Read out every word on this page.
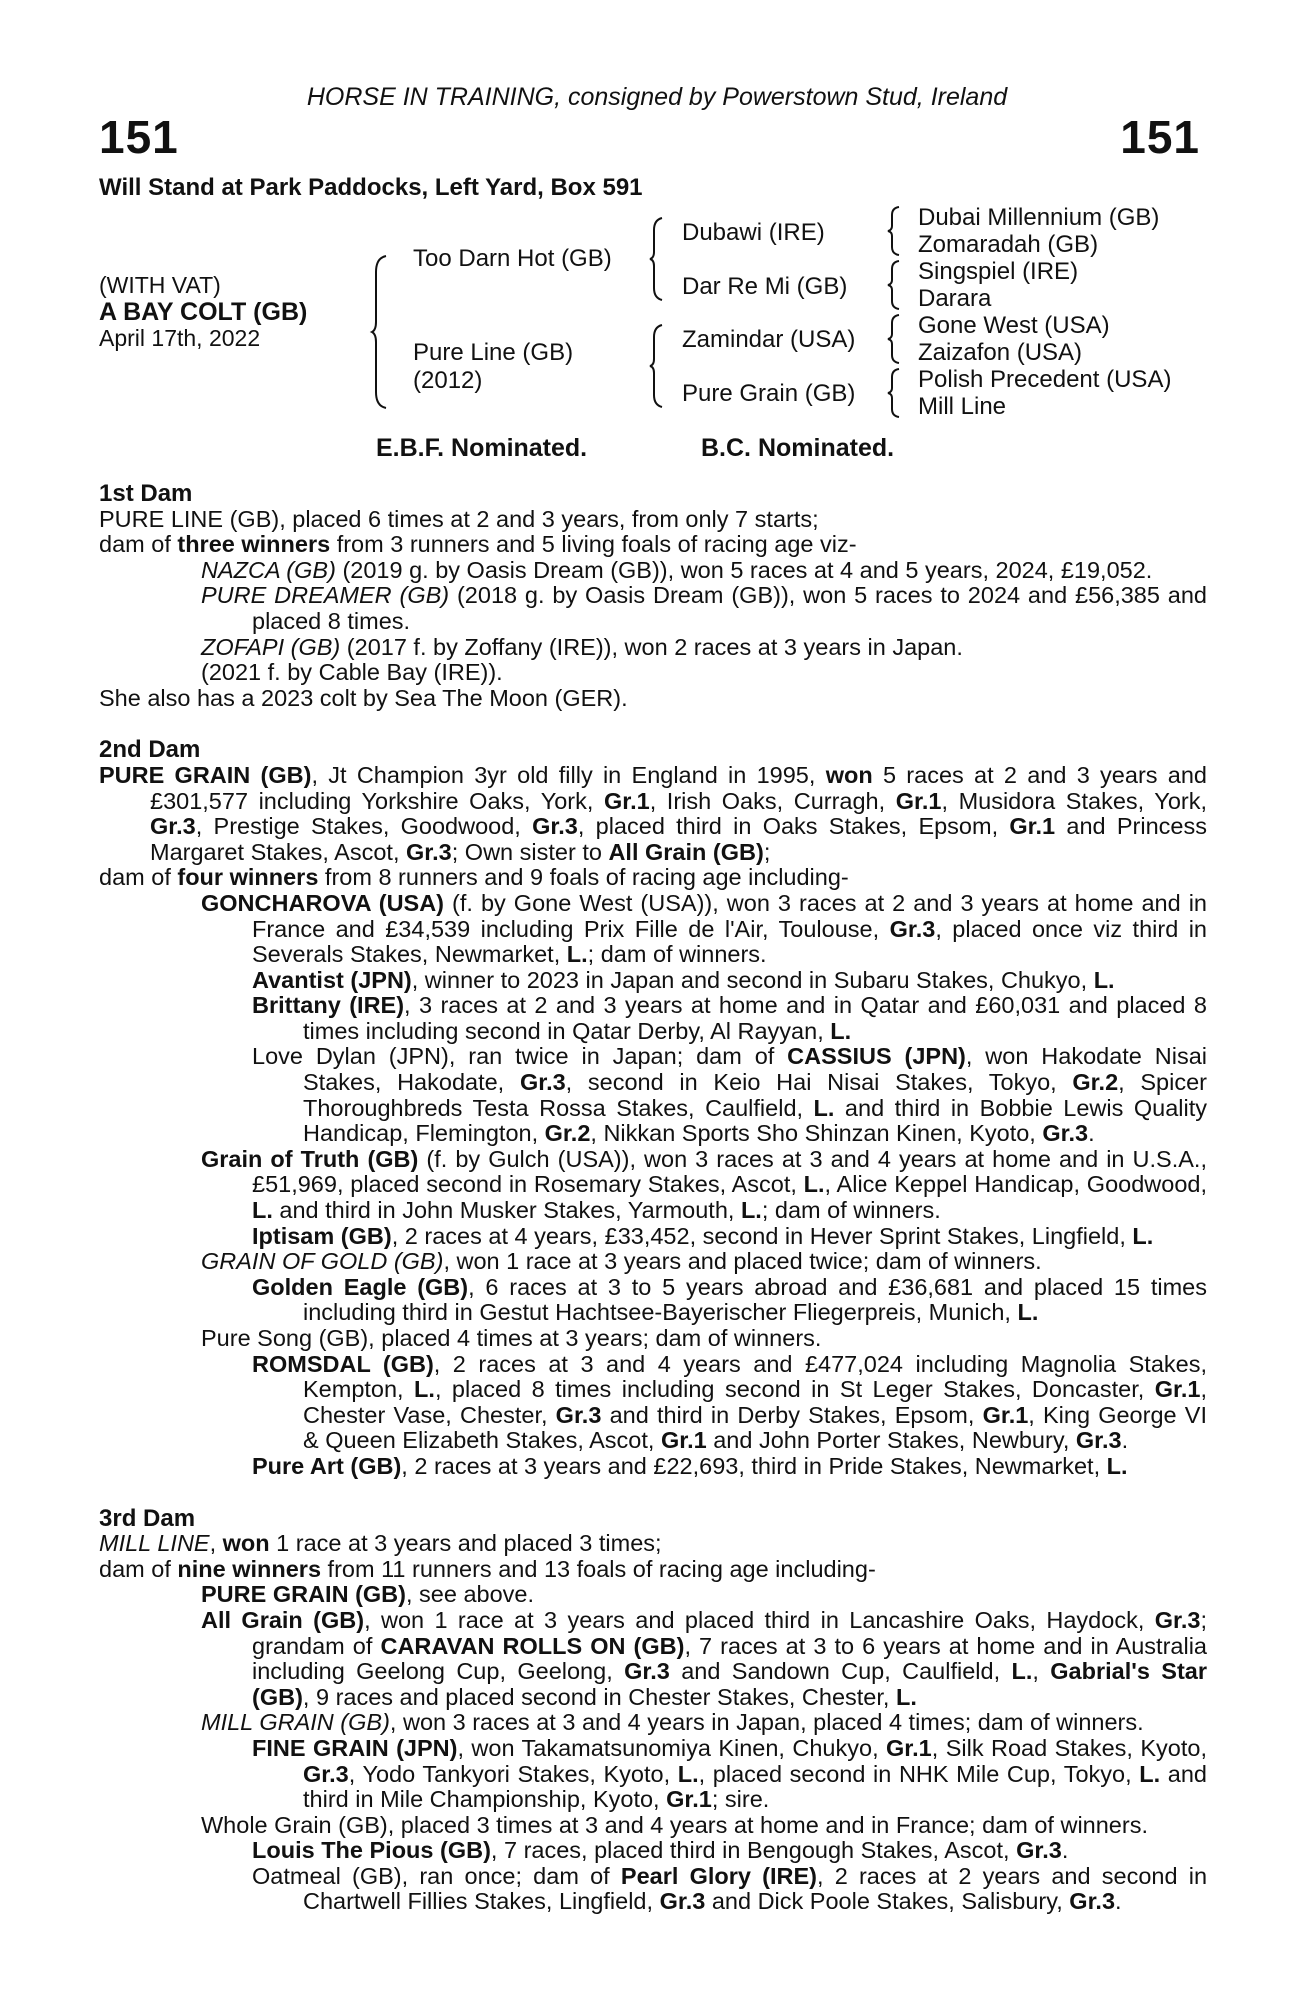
HORSE IN TRAINING, consigned by Powerstown Stud, Ireland
151	151
Will Stand at Park Paddocks, Left Yard, Box 591
(WITH VAT)
A BAY COLT (GB)
April 17th, 2022
Too Darn Hot (GB)
Pure Line (GB)
(2012)
Dubawi (IRE)
Dar Re Mi (GB)
Zamindar (USA)
Pure Grain (GB)
Dubai Millennium (GB)
Zomaradah (GB)
Singspiel (IRE)
Darara
Gone West (USA)
Zaizafon (USA)
Polish Precedent (USA)
Mill Line
E.B.F. Nominated.	B.C. Nominated.

1st Dam

PURE LINE (GB), placed 6 times at 2 and 3 years, from only 7 starts;

dam of three winners from 3 runners and 5 living foals of racing age viz-

NAZCA (GB) (2019 g. by Oasis Dream (GB)), won 5 races at 4 and 5 years, 2024, £19,052.

PURE DREAMER (GB) (2018 g. by Oasis Dream (GB)), won 5 races to 2024 and £56,385 and placed 8 times.

ZOFAPI (GB) (2017 f. by Zoffany (IRE)), won 2 races at 3 years in Japan.

(2021 f. by Cable Bay (IRE)).

She also has a 2023 colt by Sea The Moon (GER).

2nd Dam

PURE GRAIN (GB), Jt Champion 3yr old filly in England in 1995, won 5 races at 2 and 3 years and £301,577 including Yorkshire Oaks, York, Gr.1, Irish Oaks, Curragh, Gr.1, Musidora Stakes, York, Gr.3, Prestige Stakes, Goodwood, Gr.3, placed third in Oaks Stakes, Epsom, Gr.1 and Princess Margaret Stakes, Ascot, Gr.3; Own sister to All Grain (GB);

dam of four winners from 8 runners and 9 foals of racing age including-

GONCHAROVA (USA) (f. by Gone West (USA)), won 3 races at 2 and 3 years at home and in France and £34,539 including Prix Fille de l'Air, Toulouse, Gr.3, placed once viz third in Severals Stakes, Newmarket, L.; dam of winners.

Avantist (JPN), winner to 2023 in Japan and second in Subaru Stakes, Chukyo, L.

Brittany (IRE), 3 races at 2 and 3 years at home and in Qatar and £60,031 and placed 8 times including second in Qatar Derby, Al Rayyan, L.

Love Dylan (JPN), ran twice in Japan; dam of CASSIUS (JPN), won Hakodate Nisai Stakes, Hakodate, Gr.3, second in Keio Hai Nisai Stakes, Tokyo, Gr.2, Spicer Thoroughbreds Testa Rossa Stakes, Caulfield, L. and third in Bobbie Lewis Quality Handicap, Flemington, Gr.2, Nikkan Sports Sho Shinzan Kinen, Kyoto, Gr.3.

Grain of Truth (GB) (f. by Gulch (USA)), won 3 races at 3 and 4 years at home and in U.S.A., £51,969, placed second in Rosemary Stakes, Ascot, L., Alice Keppel Handicap, Goodwood, L. and third in John Musker Stakes, Yarmouth, L.; dam of winners.

Iptisam (GB), 2 races at 4 years, £33,452, second in Hever Sprint Stakes, Lingfield, L.

GRAIN OF GOLD (GB), won 1 race at 3 years and placed twice; dam of winners.

Golden Eagle (GB), 6 races at 3 to 5 years abroad and £36,681 and placed 15 times including third in Gestut Hachtsee-Bayerischer Fliegerpreis, Munich, L.

Pure Song (GB), placed 4 times at 3 years; dam of winners.

ROMSDAL (GB), 2 races at 3 and 4 years and £477,024 including Magnolia Stakes, Kempton, L., placed 8 times including second in St Leger Stakes, Doncaster, Gr.1, Chester Vase, Chester, Gr.3 and third in Derby Stakes, Epsom, Gr.1, King George VI & Queen Elizabeth Stakes, Ascot, Gr.1 and John Porter Stakes, Newbury, Gr.3.

Pure Art (GB), 2 races at 3 years and £22,693, third in Pride Stakes, Newmarket, L.

3rd Dam

MILL LINE, won 1 race at 3 years and placed 3 times;

dam of nine winners from 11 runners and 13 foals of racing age including-

PURE GRAIN (GB), see above.

All Grain (GB), won 1 race at 3 years and placed third in Lancashire Oaks, Haydock, Gr.3; grandam of CARAVAN ROLLS ON (GB), 7 races at 3 to 6 years at home and in Australia including Geelong Cup, Geelong, Gr.3 and Sandown Cup, Caulfield, L., Gabrial's Star (GB), 9 races and placed second in Chester Stakes, Chester, L.

MILL GRAIN (GB), won 3 races at 3 and 4 years in Japan, placed 4 times; dam of winners.

FINE GRAIN (JPN), won Takamatsunomiya Kinen, Chukyo, Gr.1, Silk Road Stakes, Kyoto, Gr.3, Yodo Tankyori Stakes, Kyoto, L., placed second in NHK Mile Cup, Tokyo, L. and third in Mile Championship, Kyoto, Gr.1; sire.

Whole Grain (GB), placed 3 times at 3 and 4 years at home and in France; dam of winners.

Louis The Pious (GB), 7 races, placed third in Bengough Stakes, Ascot, Gr.3.

Oatmeal (GB), ran once; dam of Pearl Glory (IRE), 2 races at 2 years and second in Chartwell Fillies Stakes, Lingfield, Gr.3 and Dick Poole Stakes, Salisbury, Gr.3.
